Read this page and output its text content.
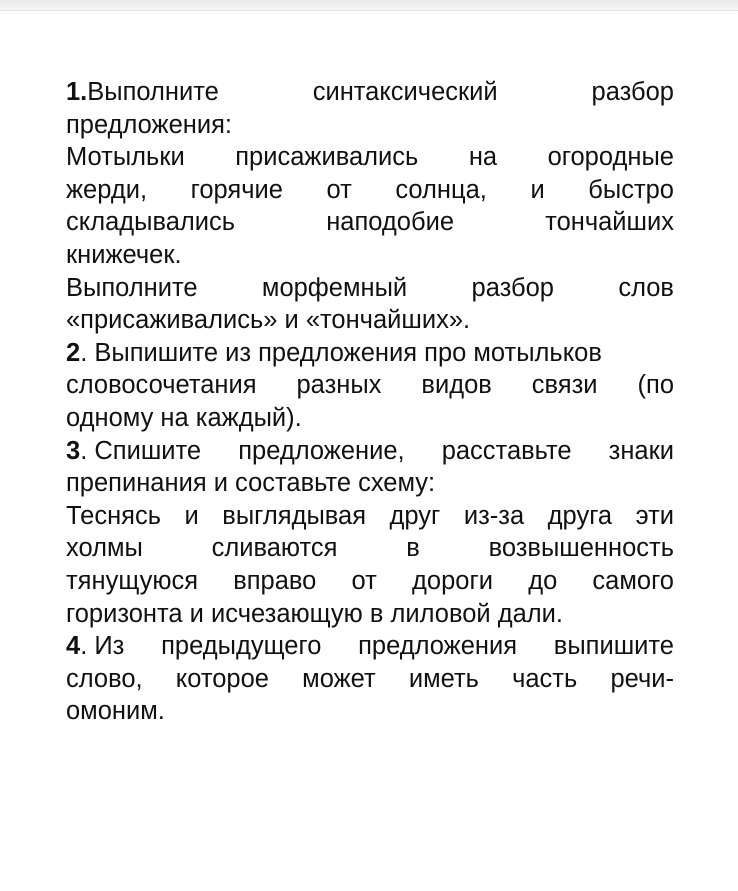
1.Выполните	синтаксический	разбор
предложения:
Мотыльки присаживались на огородные
жерди, горячие от солнца, и быстро
складывались	наподобие	тончайших
книжечек.
Выполните	морфемный	разбор	слов
«присаживались» и «тончайших».
2. Выпишите из предложения про мотыльков
словосочетания разных видов связи (по
одному на каждый).
3. Спишите предложение, расставьте знаки
препинания и составьте схему:
Теснясь и выглядывая друг из-за друга эти
холмы	сливаются	в	возвышенность
тянущуюся вправо от дороги до самого
горизонта и исчезающую в лиловой дали.
4. Из предыдущего предложения выпишите
слово, которое может иметь часть речи-
омоним.
